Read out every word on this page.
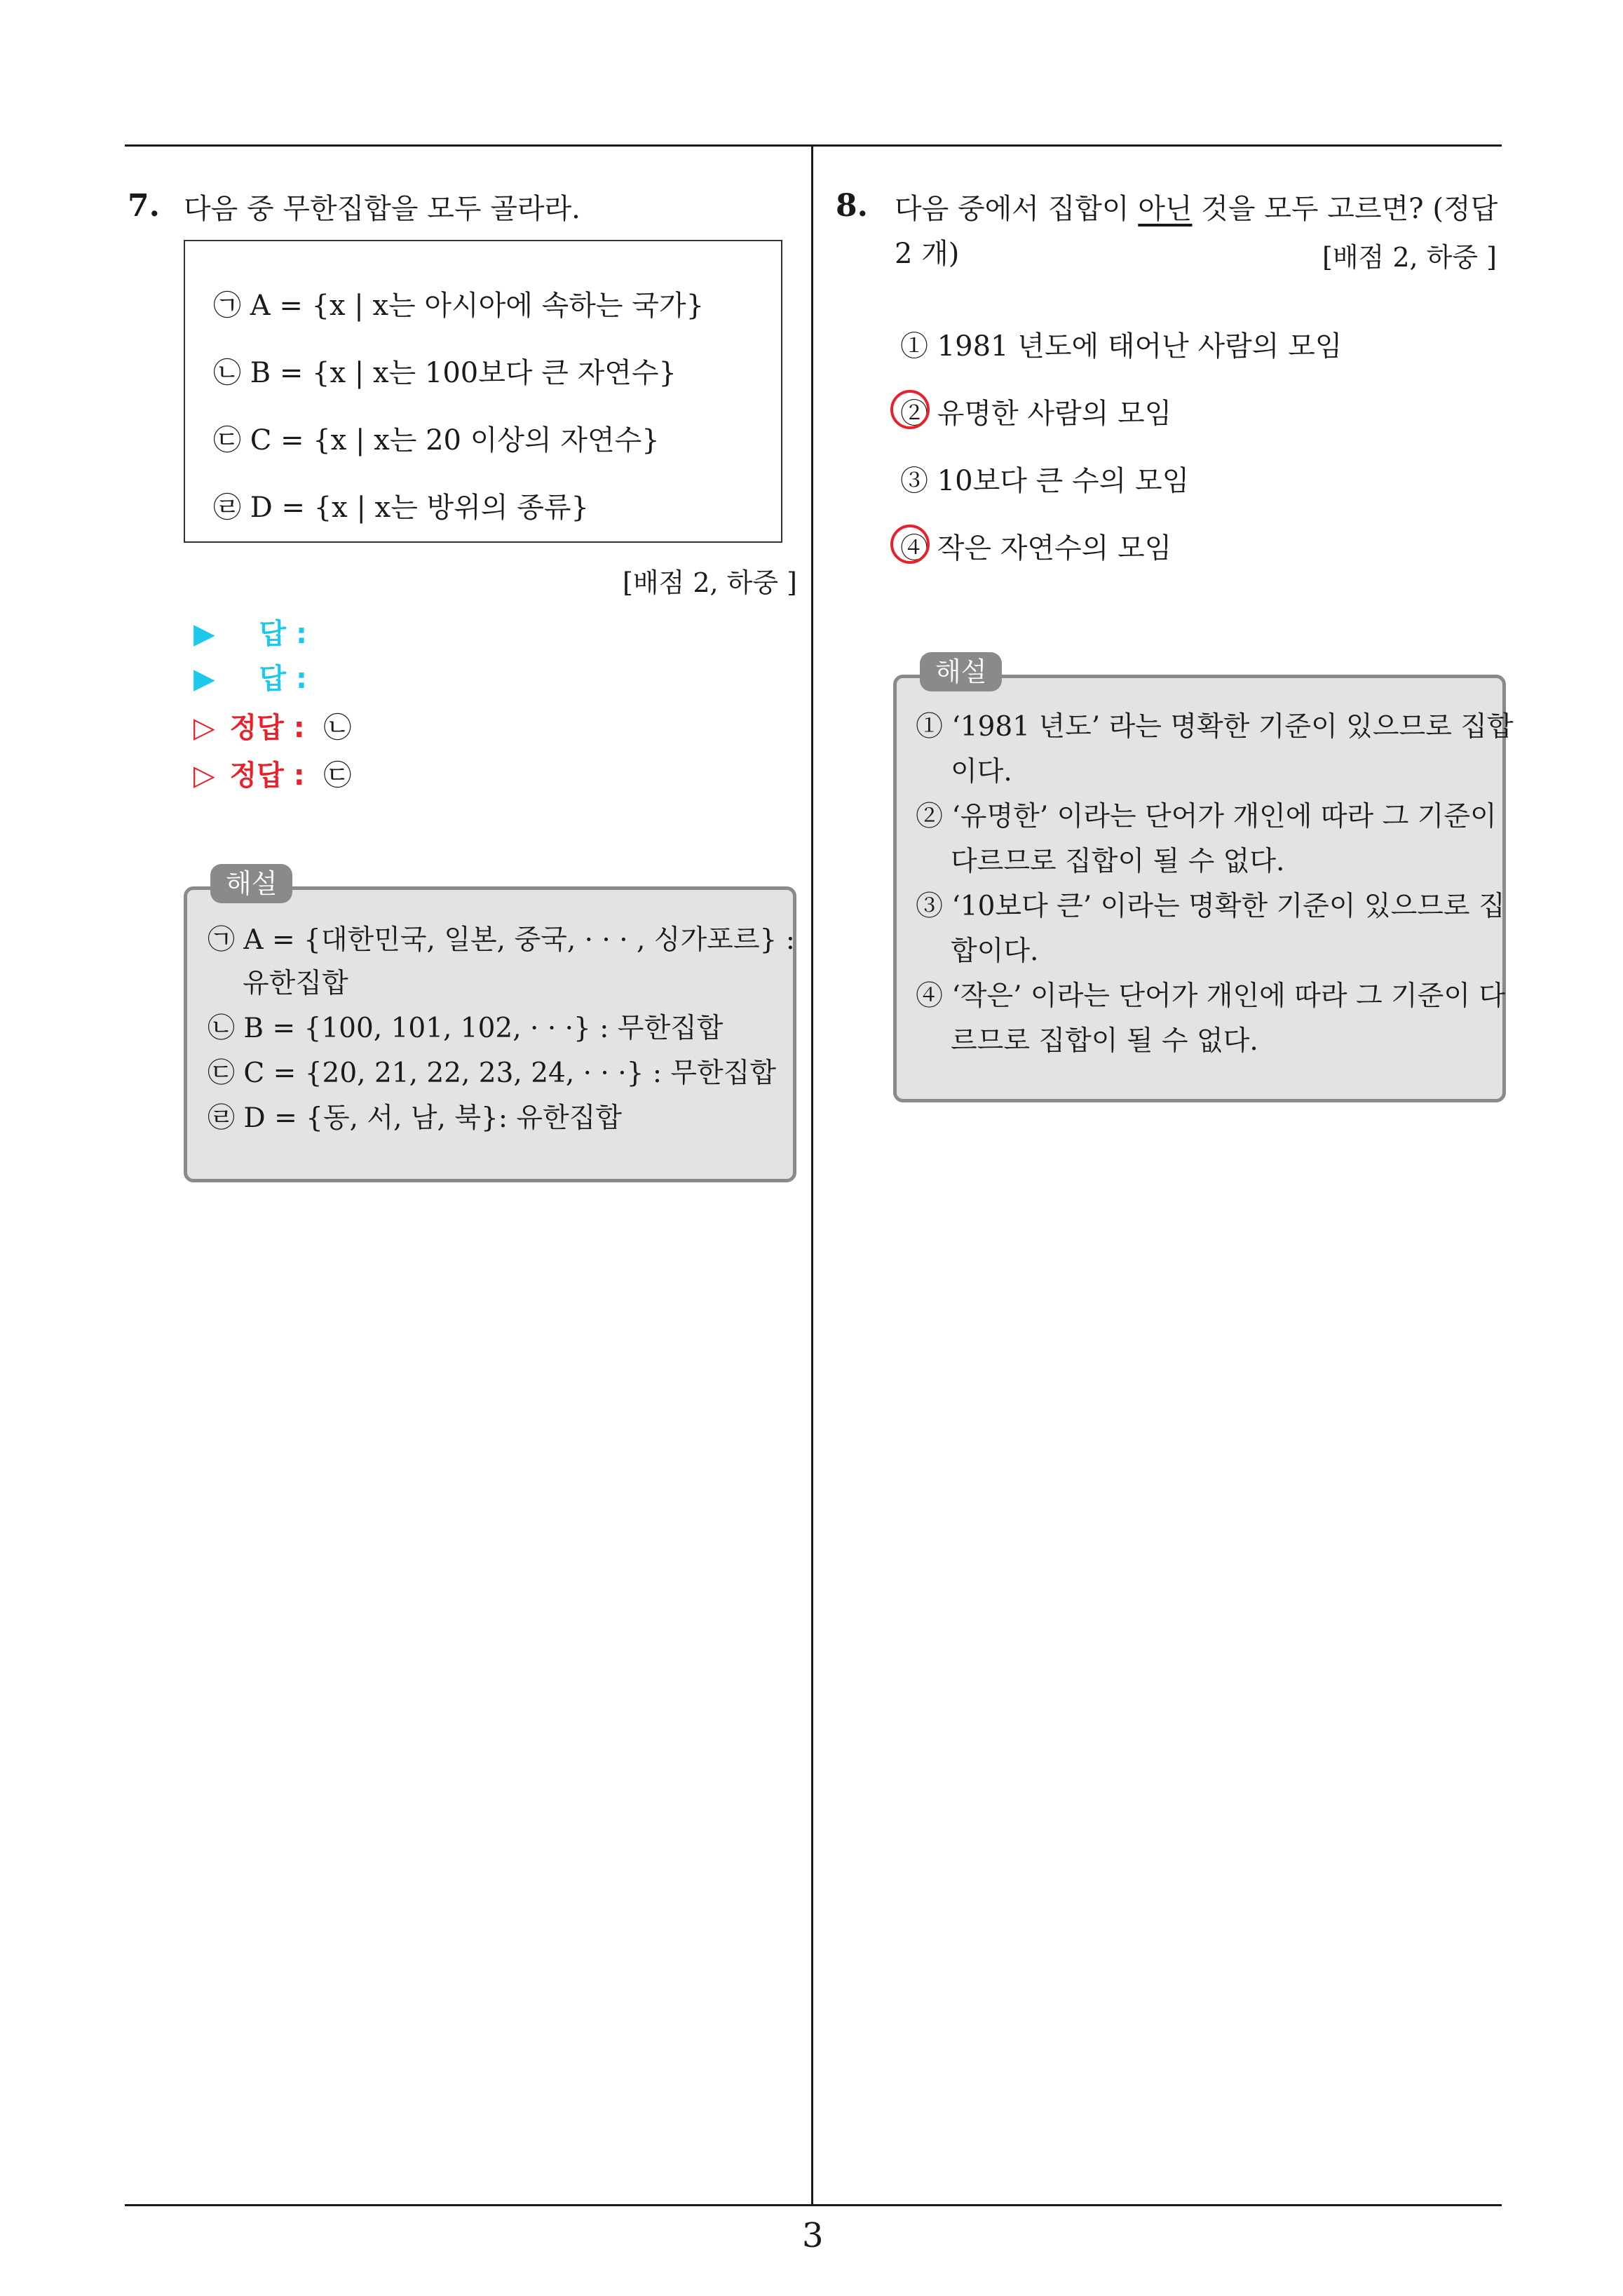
7. 다음 중 무한집합을 모두 골라라.
㉠ A = {x | x는 아시아에 속하는 국가}
㉡ B = {x | x는 100보다 큰 자연수}
㉢ C = {x | x는 20 이상의 자연수}
㉣ D = {x | x는 방위의 종류}
[배점 2, 하중 ]
▶ 답 :
▶ 답 :
▷ 정답 : ㉡
▷ 정답 : ㉢
해설
㉠ A = {대한민국, 일본, 중국, · · · , 싱가포르} :
유한집합
㉡ B = {100, 101, 102, · · ·} : 무한집합
㉢ C = {20, 21, 22, 23, 24, · · ·} : 무한집합
㉣ D = {동, 서, 남, 북}: 유한집합
8. 다음 중에서 집합이 아닌 것을 모두 고르면? (정답
2 개)	[배점 2, 하중 ]
① 1981 년도에 태어난 사람의 모임
② 유명한 사람의 모임
③ 10보다 큰 수의 모임
④ 작은 자연수의 모임
해설
① ‘1981 년도’ 라는 명확한 기준이 있으므로 집합
이다.
② ‘유명한’ 이라는 단어가 개인에 따라 그 기준이
다르므로 집합이 될 수 없다.
③ ‘10보다 큰’ 이라는 명확한 기준이 있으므로 집
합이다.
④ ‘작은’ 이라는 단어가 개인에 따라 그 기준이 다
르므로 집합이 될 수 없다.
3
